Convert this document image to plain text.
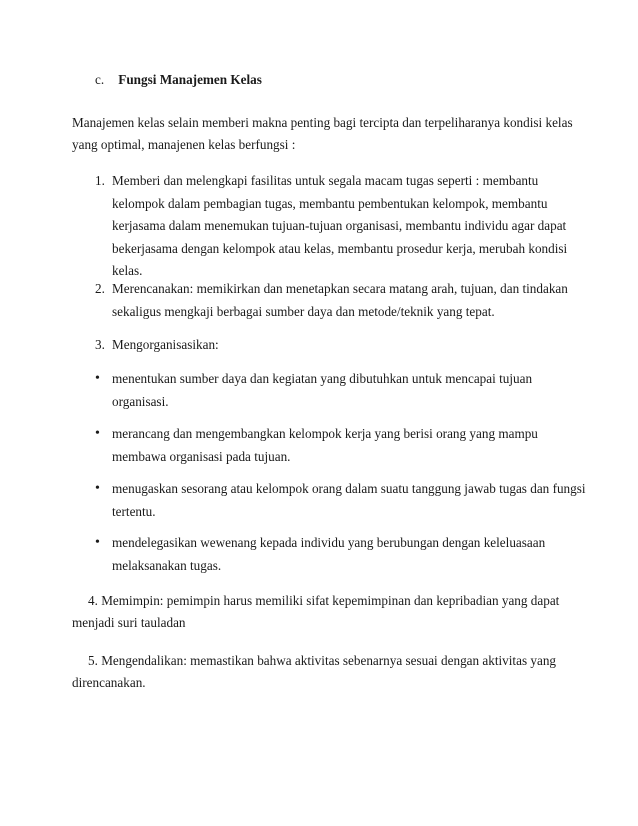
c. Fungsi Manajemen Kelas
Manajemen kelas selain memberi makna penting bagi tercipta dan terpeliharanya kondisi kelas
yang optimal, manajenen kelas berfungsi :
1. Memberi dan melengkapi fasilitas untuk segala macam tugas seperti : membantu
kelompok dalam pembagian tugas, membantu pembentukan kelompok, membantu
kerjasama dalam menemukan tujuan-tujuan organisasi, membantu individu agar dapat
bekerjasama dengan kelompok atau kelas, membantu prosedur kerja, merubah kondisi
kelas.
2. Merencanakan: memikirkan dan menetapkan secara matang arah, tujuan, dan tindakan
sekaligus mengkaji berbagai sumber daya dan metode/teknik yang tepat.
3. Mengorganisasikan:
• menentukan sumber daya dan kegiatan yang dibutuhkan untuk mencapai tujuan
organisasi.
• merancang dan mengembangkan kelompok kerja yang berisi orang yang mampu
membawa organisasi pada tujuan.
• menugaskan sesorang atau kelompok orang dalam suatu tanggung jawab tugas dan fungsi
tertentu.
• mendelegasikan wewenang kepada individu yang berubungan dengan keleluasaan
melaksanakan tugas.
4. Memimpin: pemimpin harus memiliki sifat kepemimpinan dan kepribadian yang dapat
menjadi suri tauladan
5. Mengendalikan: memastikan bahwa aktivitas sebenarnya sesuai dengan aktivitas yang
direncanakan.
